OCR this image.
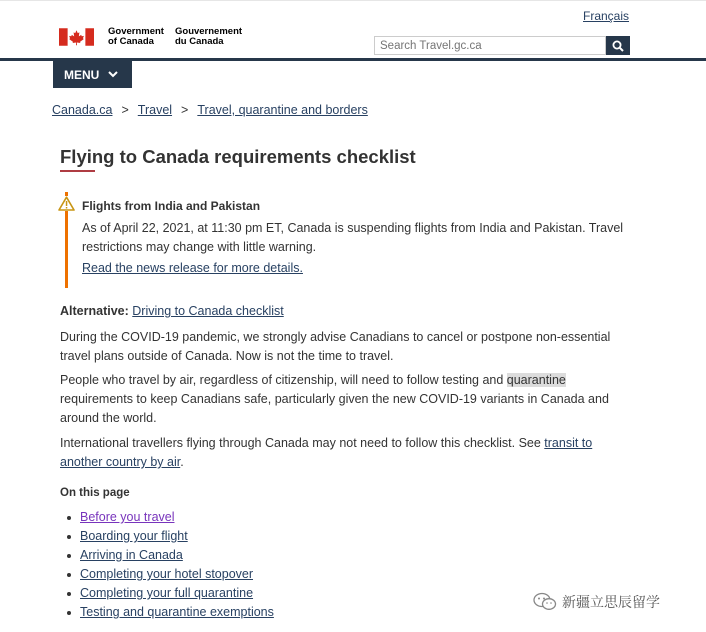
Français
Government
of Canada
Gouvernement
du Canada
Search Travel.gc.ca
MENU
Canada.ca > Travel > Travel, quarantine and borders
Flying to Canada requirements checklist
Flights from India and Pakistan
As of April 22, 2021, at 11:30 pm ET, Canada is suspending flights from India and Pakistan. Travel restrictions may change with little warning.
Read the news release for more details.
Alternative: Driving to Canada checklist

During the COVID-19 pandemic, we strongly advise Canadians to cancel or postpone non-essential travel plans outside of Canada. Now is not the time to travel.

People who travel by air, regardless of citizenship, will need to follow testing and quarantine requirements to keep Canadians safe, particularly given the new COVID-19 variants in Canada and around the world.

International travellers flying through Canada may not need to follow this checklist. See transit to another country by air.

On this page
Before you travel
Boarding your flight
Arriving in Canada
Completing your hotel stopover
Completing your full quarantine
Testing and quarantine exemptions
新疆立思辰留学
